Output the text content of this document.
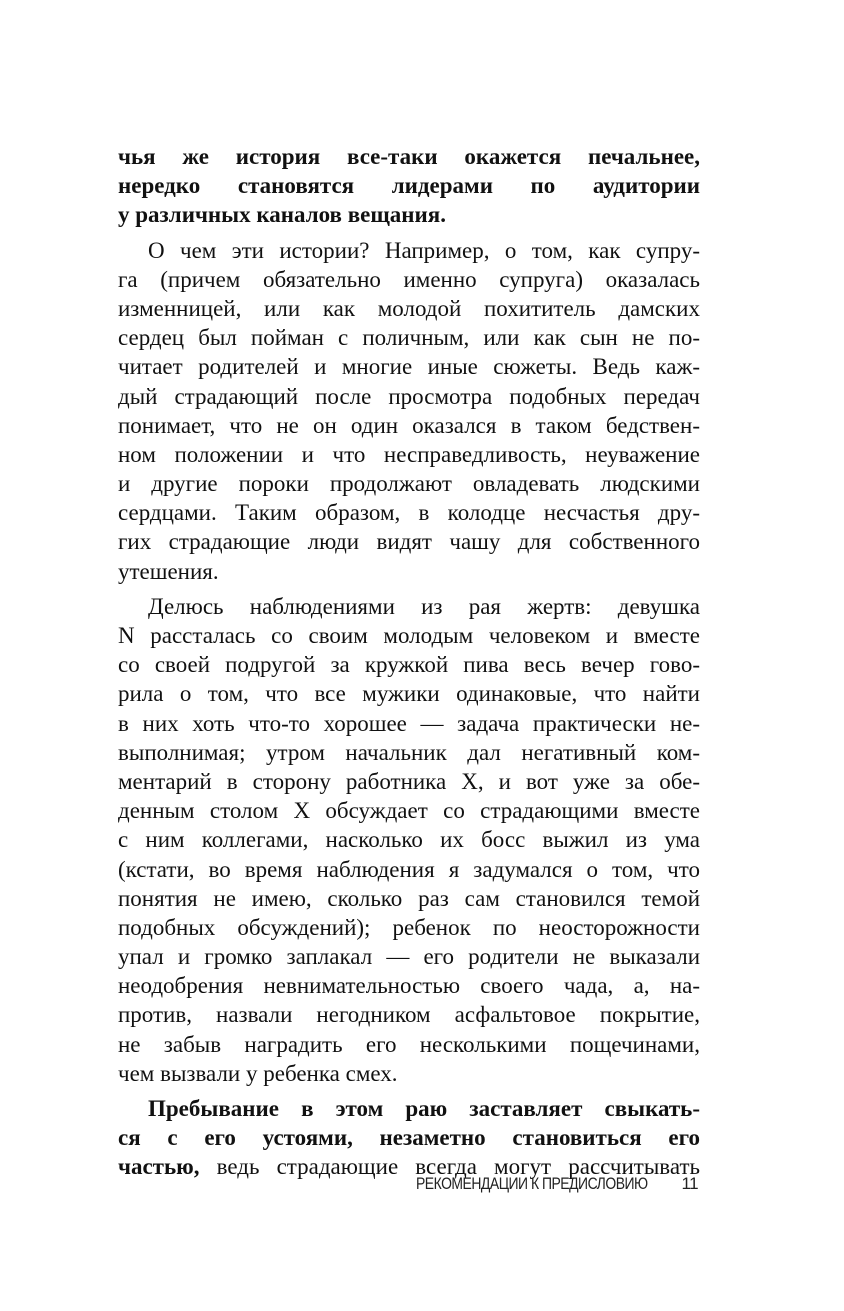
чья же история все-таки окажется печальнее,
нередко становятся лидерами по аудитории
у различных каналов вещания.
О чем эти истории? Например, о том, как супру-
га (причем обязательно именно супруга) оказалась
изменницей, или как молодой похититель дамских
сердец был пойман с поличным, или как сын не по-
читает родителей и многие иные сюжеты. Ведь каж-
дый страдающий после просмотра подобных передач
понимает, что не он один оказался в таком бедствен-
ном положении и что несправедливость, неуважение
и другие пороки продолжают овладевать людскими
сердцами. Таким образом, в колодце несчастья дру-
гих страдающие люди видят чашу для собственного
утешения.
Делюсь наблюдениями из рая жертв: девушка
N рассталась со своим молодым человеком и вместе
со своей подругой за кружкой пива весь вечер гово-
рила о том, что все мужики одинаковые, что найти
в них хоть что-то хорошее — задача практически не-
выполнимая; утром начальник дал негативный ком-
ментарий в сторону работника X, и вот уже за обе-
денным столом X обсуждает со страдающими вместе
с ним коллегами, насколько их босс выжил из ума
(кстати, во время наблюдения я задумался о том, что
понятия не имею, сколько раз сам становился темой
подобных обсуждений); ребенок по неосторожности
упал и громко заплакал — его родители не выказали
неодобрения невнимательностью своего чада, а, на-
против, назвали негодником асфальтовое покрытие,
не забыв наградить его несколькими пощечинами,
чем вызвали у ребенка смех.
Пребывание в этом раю заставляет свыкать-
ся с его устоями, незаметно становиться его
частью, ведь страдающие всегда могут рассчитывать
РЕКОМЕНДАЦИИ К ПРЕДИСЛОВИЮ 11
